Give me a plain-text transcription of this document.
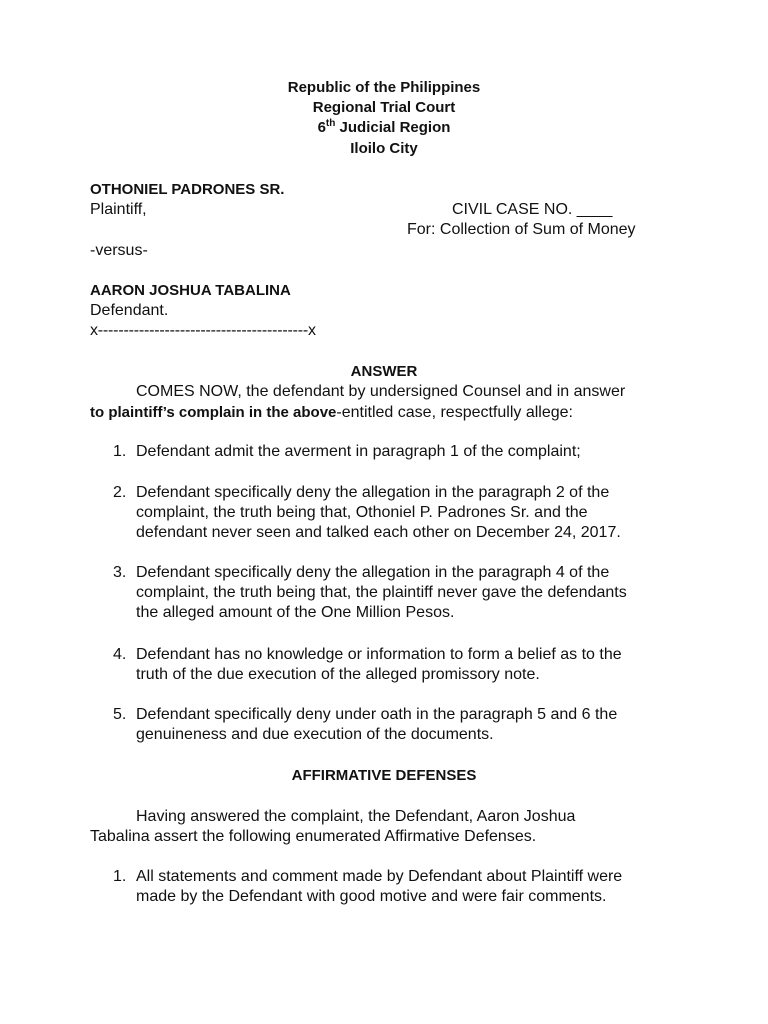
Republic of the Philippines
Regional Trial Court
6th Judicial Region
Iloilo City
OTHONIEL PADRONES SR.
Plaintiff,	CIVIL CASE NO. ____
For: Collection of Sum of Money
-versus-
AARON JOSHUA TABALINA
Defendant.
x-----------------------------------------x
ANSWER
COMES NOW, the defendant by undersigned Counsel and in answer
to plaintiff’s complain in the above-entitled case, respectfully allege:
1. Defendant admit the averment in paragraph 1 of the complaint;
2. Defendant specifically deny the allegation in the paragraph 2 of the
complaint, the truth being that, Othoniel P. Padrones Sr. and the
defendant never seen and talked each other on December 24, 2017.
3. Defendant specifically deny the allegation in the paragraph 4 of the
complaint, the truth being that, the plaintiff never gave the defendants
the alleged amount of the One Million Pesos.
4. Defendant has no knowledge or information to form a belief as to the
truth of the due execution of the alleged promissory note.
5. Defendant specifically deny under oath in the paragraph 5 and 6 the
genuineness and due execution of the documents.
AFFIRMATIVE DEFENSES
Having answered the complaint, the Defendant, Aaron Joshua
Tabalina assert the following enumerated Affirmative Defenses.
1. All statements and comment made by Defendant about Plaintiff were
made by the Defendant with good motive and were fair comments.
